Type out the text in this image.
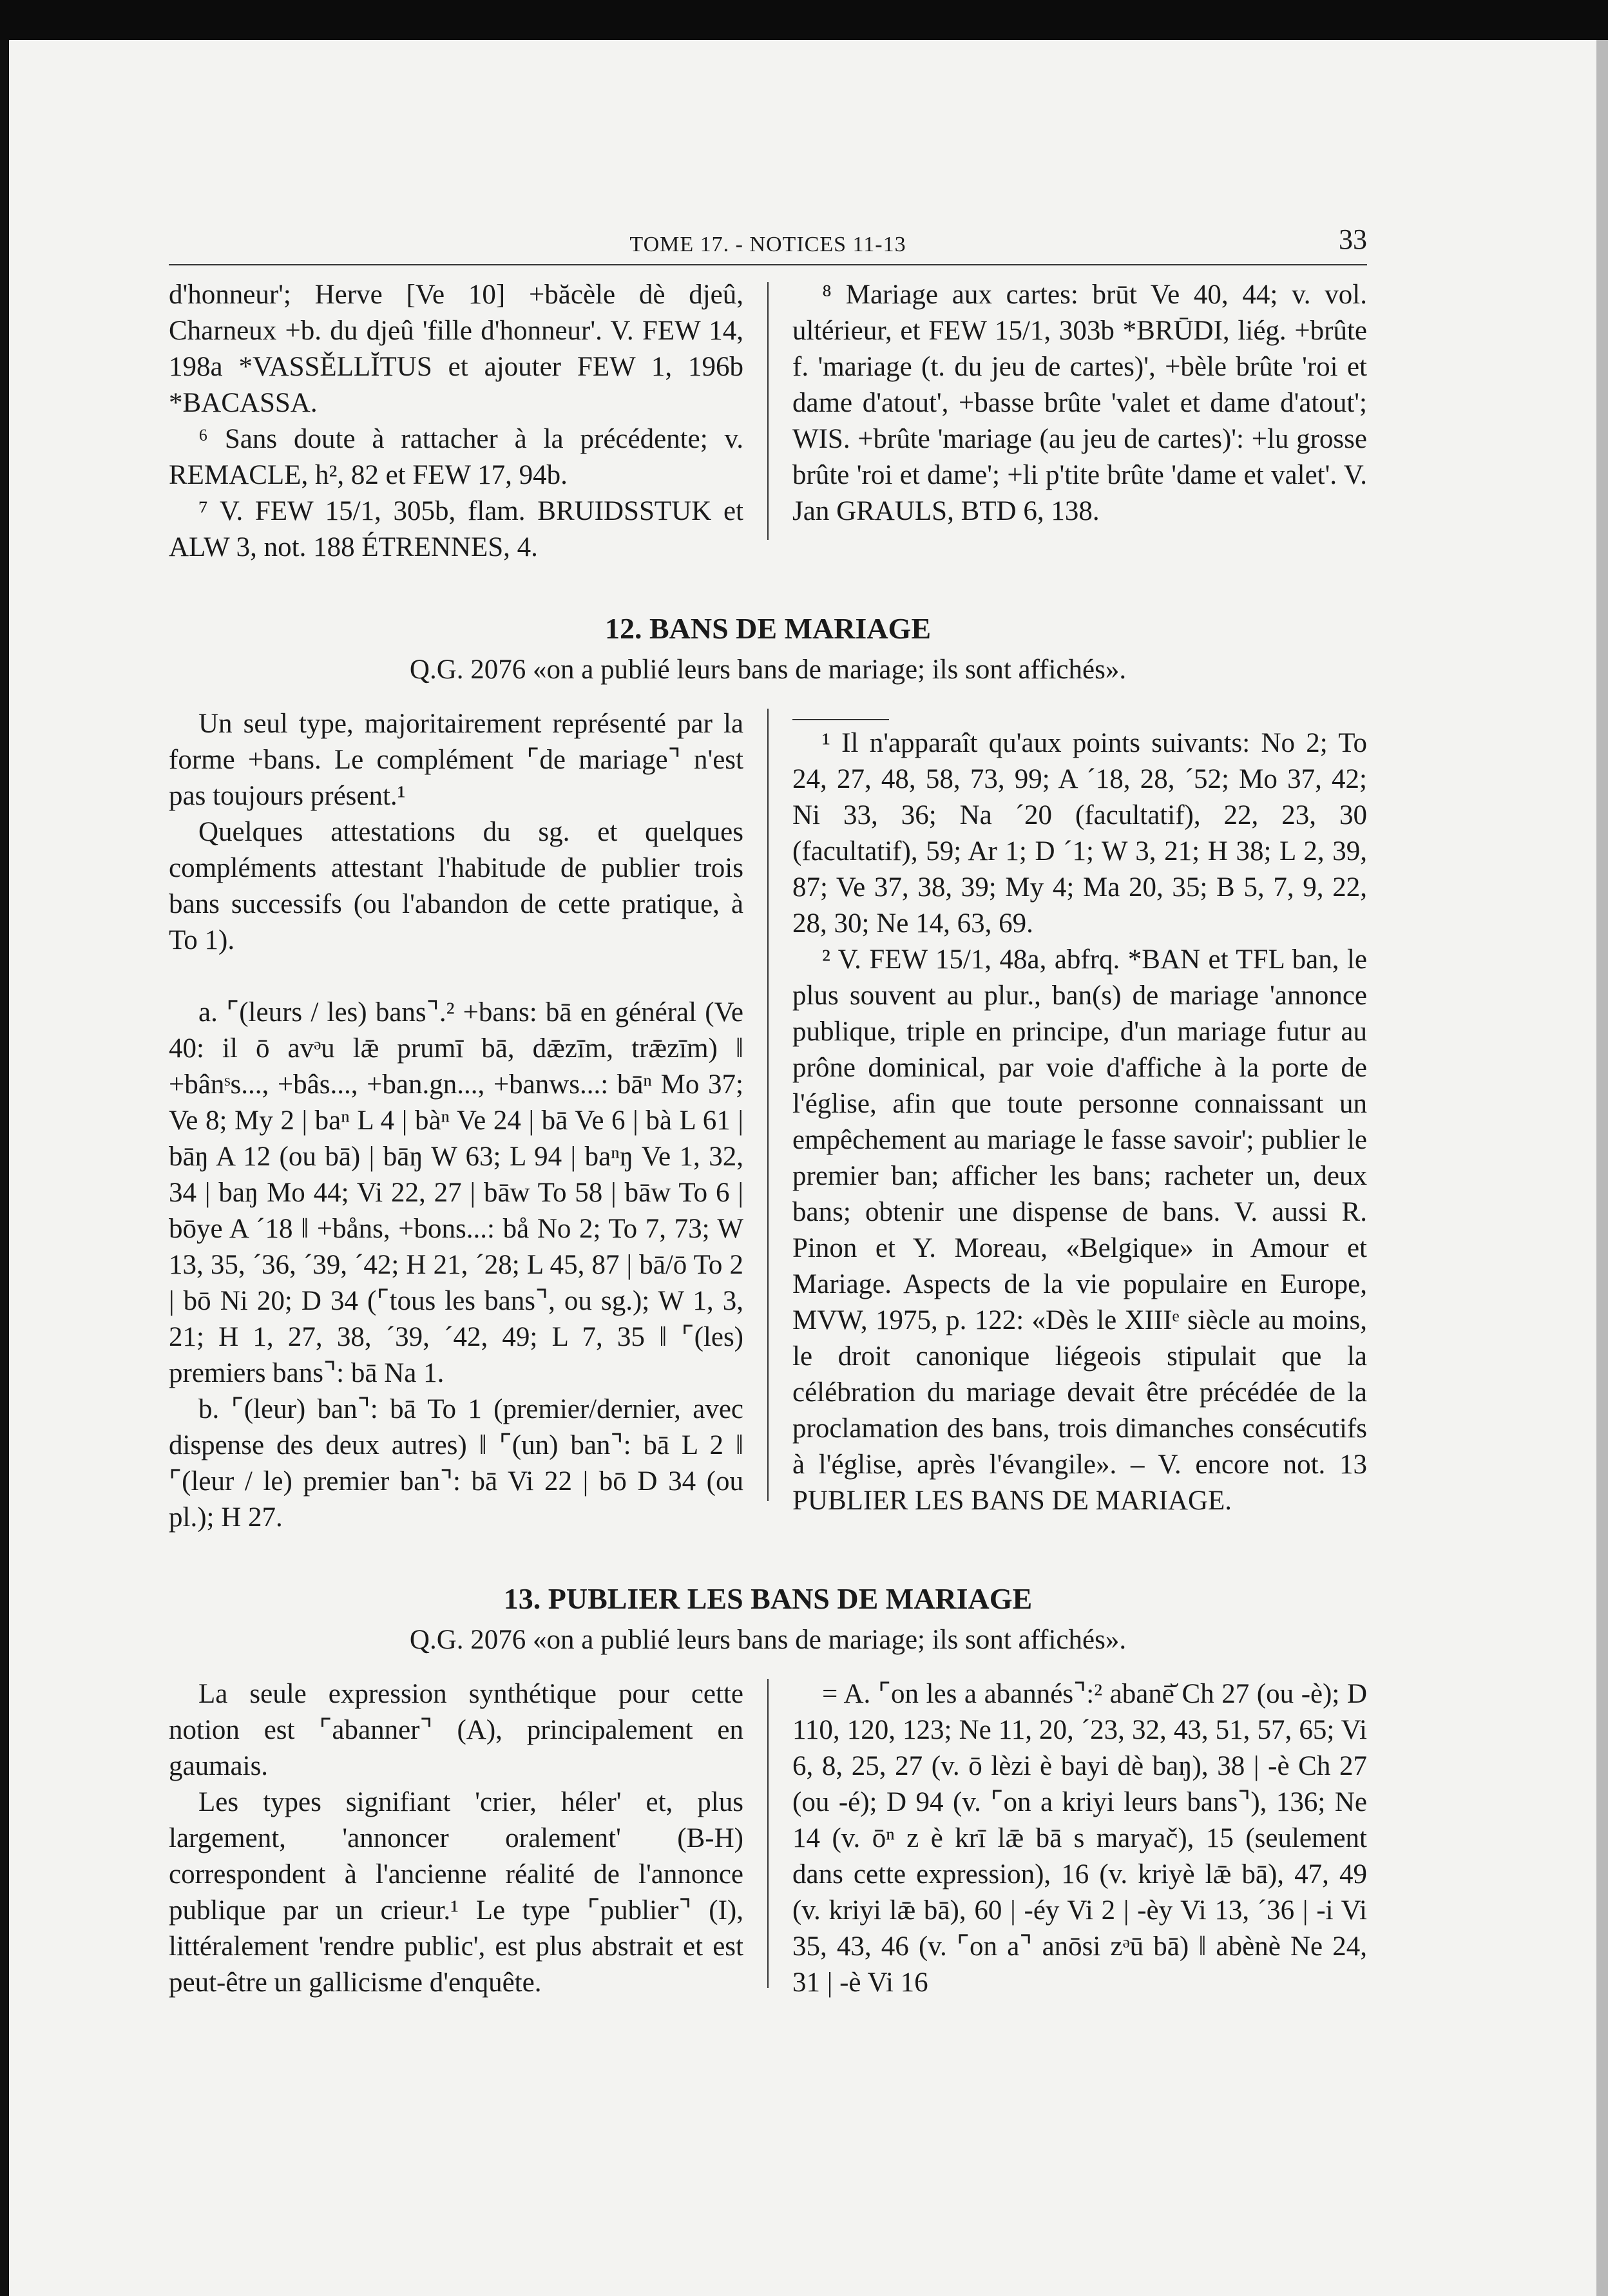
TOME 17. - NOTICES 11-13	33

d'honneur'; Herve [Ve 10] +băcèle dè djeû, Charneux +b. du djeû 'fille d'honneur'. V. FEW 14, 198a *VASSĚLLĬTUS et ajouter FEW 1, 196b *BACASSA.

⁶ Sans doute à rattacher à la précédente; v. REMACLE, h², 82 et FEW 17, 94b.

⁷ V. FEW 15/1, 305b, flam. BRUIDSSTUK et ALW 3, not. 188 ÉTRENNES, 4.

⁸ Mariage aux cartes: brūt Ve 40, 44; v. vol. ultérieur, et FEW 15/1, 303b *BRŪDI, liég. +brûte f. 'mariage (t. du jeu de cartes)', +bèle brûte 'roi et dame d'atout', +basse brûte 'valet et dame d'atout'; WIS. +brûte 'mariage (au jeu de cartes)': +lu grosse brûte 'roi et dame'; +li p'tite brûte 'dame et valet'. V. Jan GRAULS, BTD 6, 138.

12. BANS DE MARIAGE

Q.G. 2076 «on a publié leurs bans de mariage; ils sont affichés».

Un seul type, majoritairement représenté par la forme +bans. Le complément ⌜de mariage⌝ n'est pas toujours présent.¹

Quelques attestations du sg. et quelques compléments attestant l'habitude de publier trois bans successifs (ou l'abandon de cette pratique, à To 1).

a. ⌜(leurs / les) bans⌝.² +bans: bā en général (Ve 40: il ō avᵊu lǣ prumī bā, dǣzīm, trǣzīm) ‖ +bânˢs..., +bâs..., +ban.gn..., +banws...: bāⁿ Mo 37; Ve 8; My 2 | baⁿ L 4 | bàⁿ Ve 24 | bā Ve 6 | bà L 61 | bāŋ A 12 (ou bā) | bāŋ W 63; L 94 | baⁿŋ Ve 1, 32, 34 | baŋ Mo 44; Vi 22, 27 | bāw To 58 | bāw To 6 | bōye A ´18 ‖ +båns, +bons...: bå No 2; To 7, 73; W 13, 35, ´36, ´39, ´42; H 21, ´28; L 45, 87 | bā/ō To 2 | bō Ni 20; D 34 (⌜tous les bans⌝, ou sg.); W 1, 3, 21; H 1, 27, 38, ´39, ´42, 49; L 7, 35 ‖ ⌜(les) premiers bans⌝: bā Na 1.

b. ⌜(leur) ban⌝: bā To 1 (premier/dernier, avec dispense des deux autres) ‖ ⌜(un) ban⌝: bā L 2 ‖ ⌜(leur / le) premier ban⌝: bā Vi 22 | bō D 34 (ou pl.); H 27.

¹ Il n'apparaît qu'aux points suivants: No 2; To 24, 27, 48, 58, 73, 99; A ´18, 28, ´52; Mo 37, 42; Ni 33, 36; Na ´20 (facultatif), 22, 23, 30 (facultatif), 59; Ar 1; D ´1; W 3, 21; H 38; L 2, 39, 87; Ve 37, 38, 39; My 4; Ma 20, 35; B 5, 7, 9, 22, 28, 30; Ne 14, 63, 69.

² V. FEW 15/1, 48a, abfrq. *BAN et TFL ban, le plus souvent au plur., ban(s) de mariage 'annonce publique, triple en principe, d'un mariage futur au prône dominical, par voie d'affiche à la porte de l'église, afin que toute personne connaissant un empêchement au mariage le fasse savoir'; publier le premier ban; afficher les bans; racheter un, deux bans; obtenir une dispense de bans. V. aussi R. Pinon et Y. Moreau, «Belgique» in Amour et Mariage. Aspects de la vie populaire en Europe, MVW, 1975, p. 122: «Dès le XIIIᵉ siècle au moins, le droit canonique liégeois stipulait que la célébration du mariage devait être précédée de la proclamation des bans, trois dimanches consécutifs à l'église, après l'évangile». – V. encore not. 13 PUBLIER LES BANS DE MARIAGE.

13. PUBLIER LES BANS DE MARIAGE

Q.G. 2076 «on a publié leurs bans de mariage; ils sont affichés».

La seule expression synthétique pour cette notion est ⌜abanner⌝ (A), principalement en gaumais.

Les types signifiant 'crier, héler' et, plus largement, 'annoncer oralement' (B-H) correspondent à l'ancienne réalité de l'annonce publique par un crieur.¹ Le type ⌜publier⌝ (I), littéralement 'rendre public', est plus abstrait et est peut-être un gallicisme d'enquête.

= A. ⌜on les a abannés⌝:² abanē̆ Ch 27 (ou -è); D 110, 120, 123; Ne 11, 20, ´23, 32, 43, 51, 57, 65; Vi 6, 8, 25, 27 (v. ō lèzi è bayi dè baŋ), 38 | -è Ch 27 (ou -é); D 94 (v. ⌜on a kriyi leurs bans⌝), 136; Ne 14 (v. ōⁿ z è krī lǣ bā s maryač), 15 (seulement dans cette expression), 16 (v. kriyè lǣ bā), 47, 49 (v. kriyi lǣ bā), 60 | -éy Vi 2 | -èy Vi 13, ´36 | -i Vi 35, 43, 46 (v. ⌜on a⌝ anōsi zᵊū bā) ‖ abènè Ne 24, 31 | -è Vi 16
